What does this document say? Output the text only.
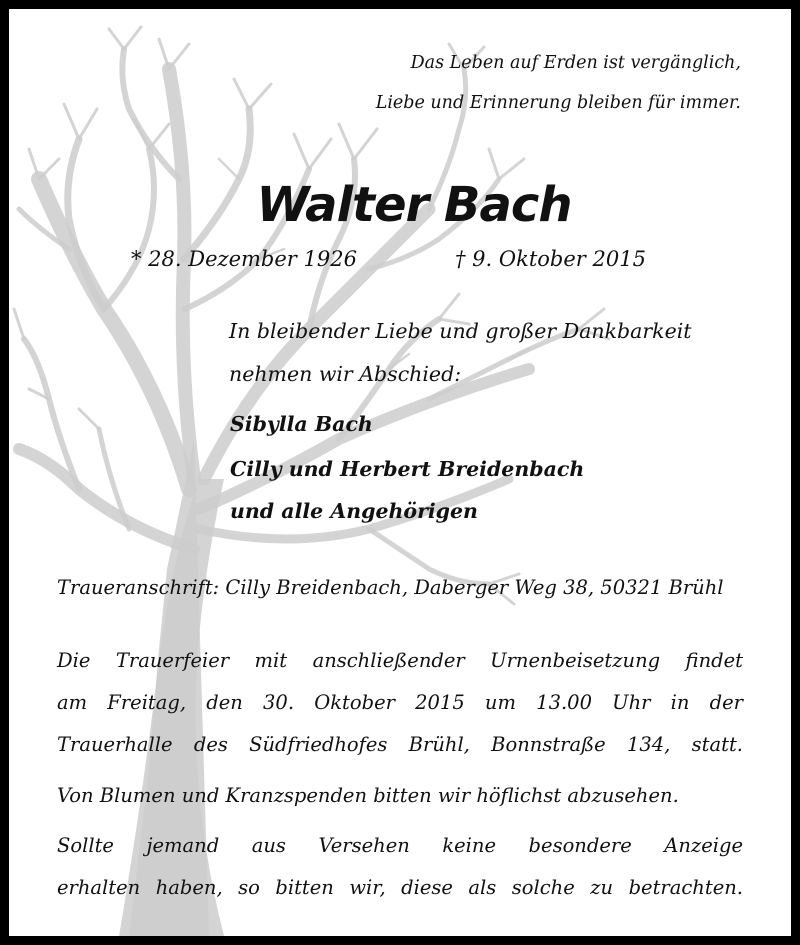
Das Leben auf Erden ist vergänglich,
Liebe und Erinnerung bleiben für immer.
Walter Bach
* 28. Dezember 1926	† 9. Oktober 2015
In bleibender Liebe und großer Dankbarkeit
nehmen wir Abschied:
Sibylla Bach
Cilly und Herbert Breidenbach
und alle Angehörigen
Traueranschrift: Cilly Breidenbach, Daberger Weg 38, 50321 Brühl
Die Trauerfeier mit anschließender Urnenbeisetzung findet
am Freitag, den 30. Oktober 2015 um 13.00 Uhr in der
Trauerhalle des Südfriedhofes Brühl, Bonnstraße 134, statt.
Von Blumen und Kranzspenden bitten wir höflichst abzusehen.
Sollte jemand aus Versehen keine besondere Anzeige
erhalten haben, so bitten wir, diese als solche zu betrachten.
